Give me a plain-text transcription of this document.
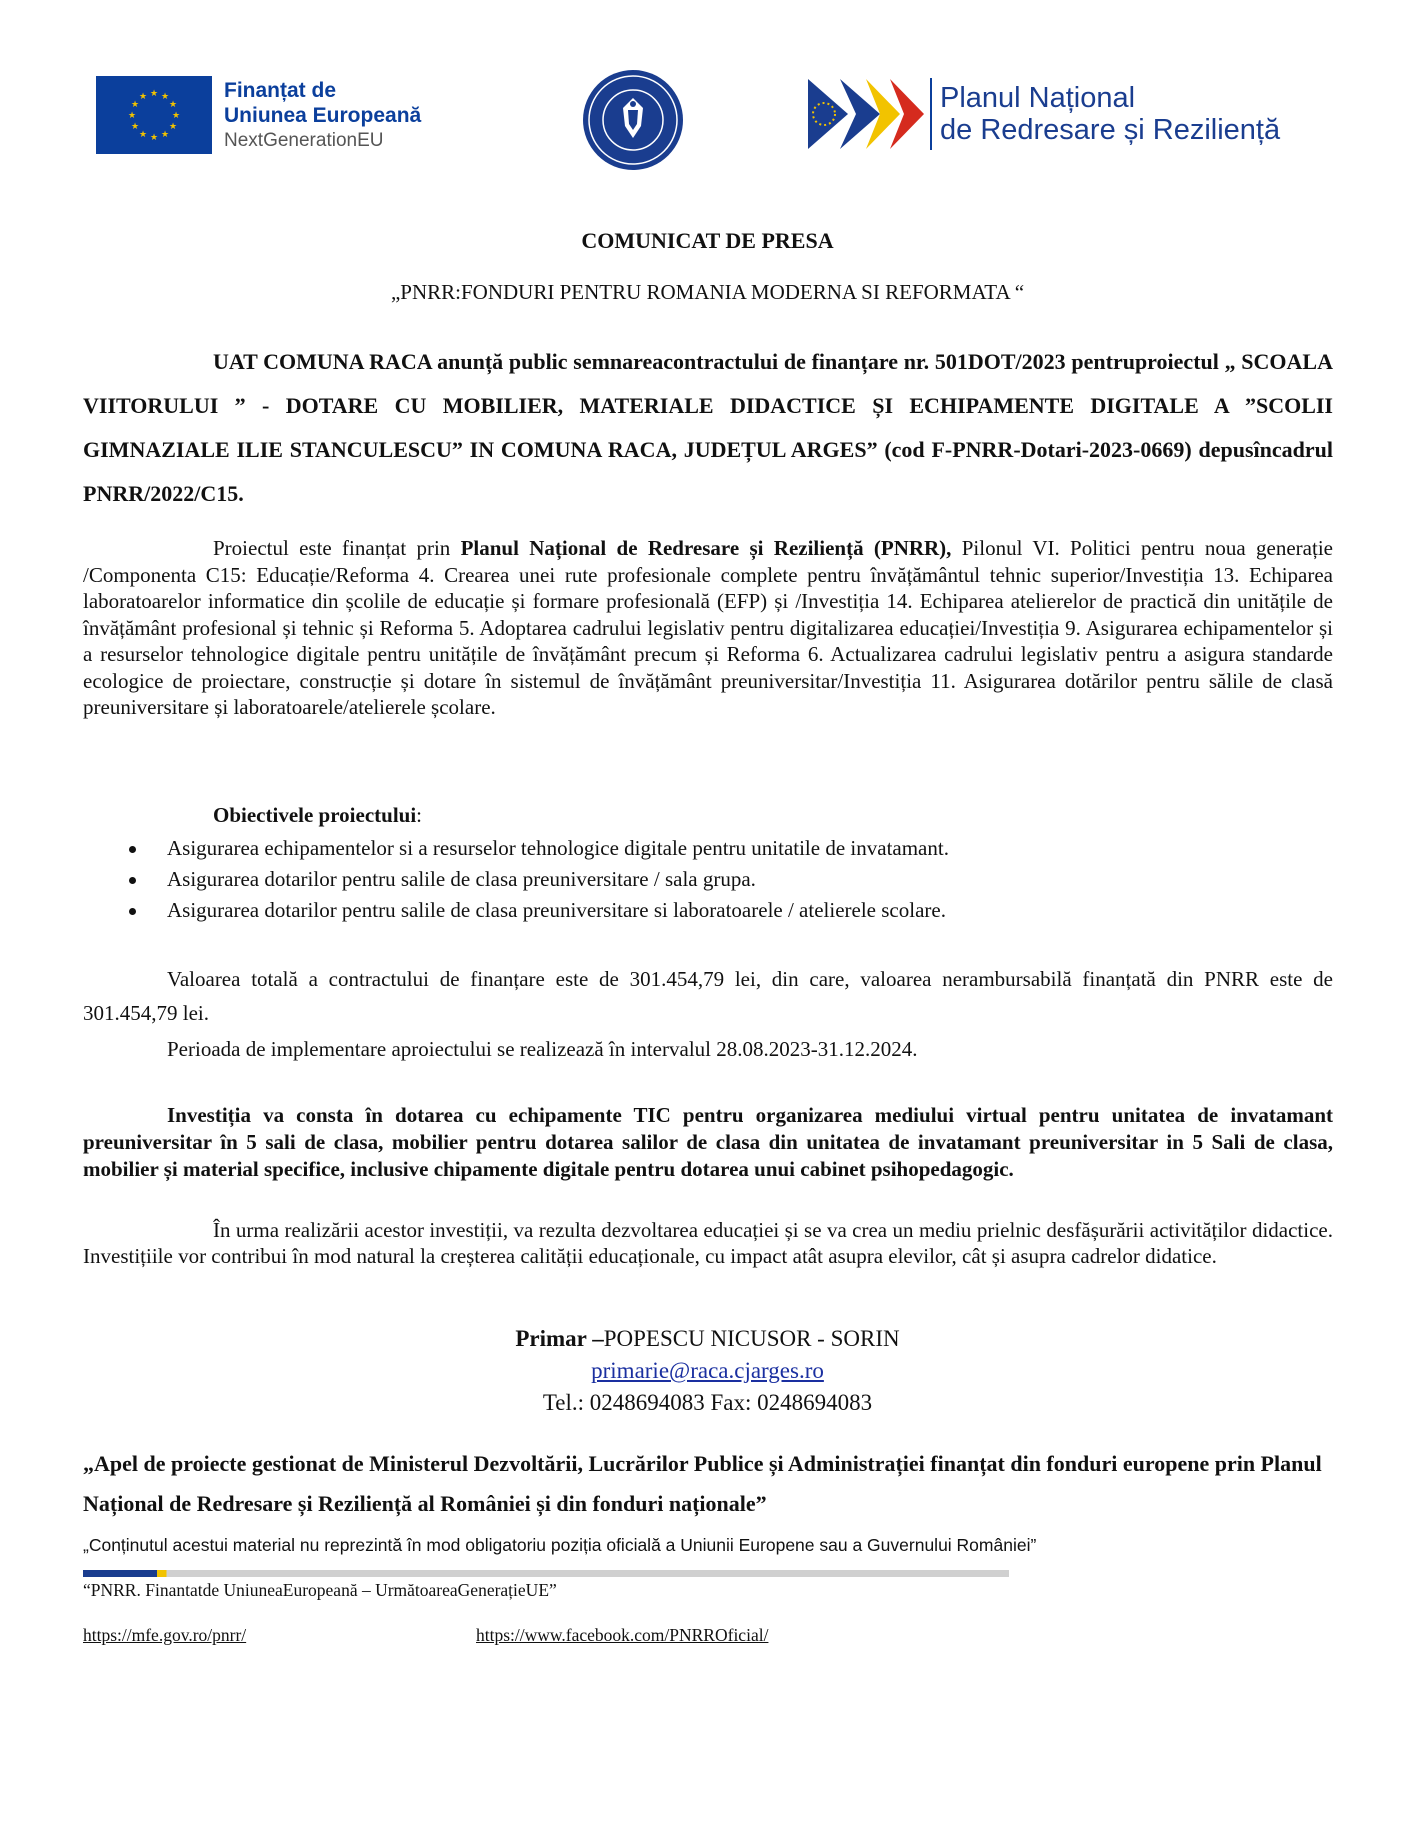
★ ★
★
★
★
★
★
★
★
★
★
★	Finanțat de
Uniunea Europeană
NextGenerationEU
Planul Național
de Redresare și Reziliență
COMUNICAT DE PRESA
„PNRR:FONDURI PENTRU ROMANIA MODERNA SI REFORMATA “
UAT COMUNA RACA anunță public semnareacontractului de finanțare nr. 501DOT/2023 pentruproiectul „ SCOALA VIITORULUI ” - DOTARE CU MOBILIER, MATERIALE DIDACTICE ȘI ECHIPAMENTE DIGITALE A ”SCOLII GIMNAZIALE ILIE STANCULESCU” IN COMUNA RACA, JUDEȚUL ARGES” (cod F-PNRR-Dotari-2023-0669) depusîncadrul PNRR/2022/C15.
Proiectul este finanțat prin Planul Național de Redresare și Reziliență (PNRR), Pilonul VI. Politici pentru noua generație /Componenta C15: Educație/Reforma 4. Crearea unei rute profesionale complete pentru învățământul tehnic superior/Investiția 13. Echiparea laboratoarelor informatice din școlile de educație și formare profesională (EFP) și /Investiția 14. Echiparea atelierelor de practică din unitățile de învățământ profesional și tehnic și Reforma 5. Adoptarea cadrului legislativ pentru digitalizarea educației/Investiția 9. Asigurarea echipamentelor și a resurselor tehnologice digitale pentru unitățile de învățământ precum și Reforma 6. Actualizarea cadrului legislativ pentru a asigura standarde ecologice de proiectare, construcție și dotare în sistemul de învățământ preuniversitar/Investiția 11. Asigurarea dotărilor pentru sălile de clasă preuniversitare și laboratoarele/atelierele școlare.
Obiectivele proiectului:
Asigurarea echipamentelor si a resurselor tehnologice digitale pentru unitatile de invatamant.
Asigurarea dotarilor pentru salile de clasa preuniversitare / sala grupa.
Asigurarea dotarilor pentru salile de clasa preuniversitare si laboratoarele / atelierele scolare.
Valoarea totală a contractului de finanțare este de 301.454,79 lei, din care, valoarea nerambursabilă finanțată din PNRR este de 301.454,79 lei.
Perioada de implementare aproiectului se realizează în intervalul 28.08.2023-31.12.2024.
Investiția va consta în dotarea cu echipamente TIC pentru organizarea mediului virtual pentru unitatea de invatamant preuniversitar în 5 sali de clasa, mobilier pentru dotarea salilor de clasa din unitatea de invatamant preuniversitar in 5 Sali de clasa, mobilier și material specifice, inclusive chipamente digitale pentru dotarea unui cabinet psihopedagogic.
În urma realizării acestor investiții, va rezulta dezvoltarea educației și se va crea un mediu prielnic desfășurării activităților didactice. Investițiile vor contribui în mod natural la creșterea calității educaționale, cu impact atât asupra elevilor, cât și asupra cadrelor didatice.
Primar –POPESCU NICUSOR - SORIN
primarie@raca.cjarges.ro
Tel.: 0248694083 Fax: 0248694083
„Apel de proiecte gestionat de Ministerul Dezvoltării, Lucrărilor Publice și Administrației finanțat din fonduri europene prin Planul Național de Redresare și Reziliență al României și din fonduri naționale”
„Conținutul acestui material nu reprezintă în mod obligatoriu poziția oficială a Uniunii Europene sau a Guvernului României”
“PNRR. Finantatde UniuneaEuropeană – UrmătoareaGenerațieUE”
https://mfe.gov.ro/pnrr/	https://www.facebook.com/PNRROficial/
